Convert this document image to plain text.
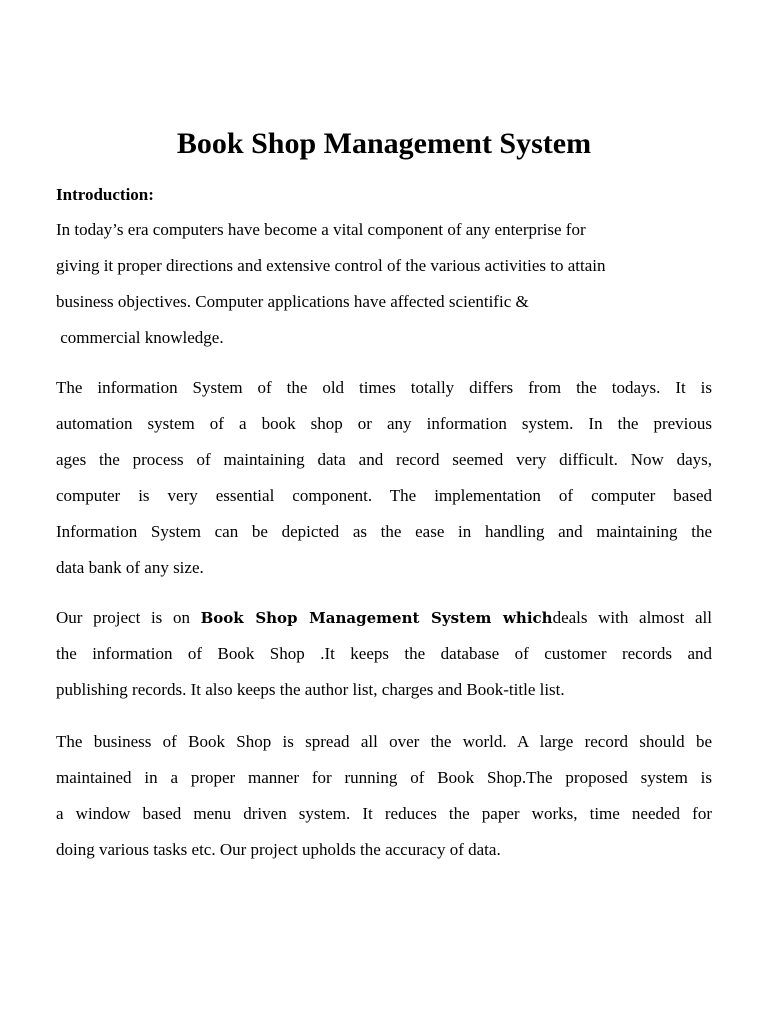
Book Shop Management System
Introduction:

In today’s era computers have become a vital component of any enterprise for
giving it proper directions and extensive control of the various activities to attain
business objectives. Computer applications have affected scientific &
commercial knowledge.

The information System of the old times totally differs from the todays. It is
automation system of a book shop or any information system. In the previous
ages the process of maintaining data and record seemed very difficult. Now days,
computer is very essential component. The implementation of computer based
Information System can be depicted as the ease in handling and maintaining the
data bank of any size.

Our project is on Book Shop Management System whichdeals with almost all
the information of Book Shop .It keeps the database of customer records and
publishing records. It also keeps the author list, charges and Book-title list.

The business of Book Shop is spread all over the world. A large record should be
maintained in a proper manner for running of Book Shop.The proposed system is
a window based menu driven system. It reduces the paper works, time needed for
doing various tasks etc. Our project upholds the accuracy of data.
